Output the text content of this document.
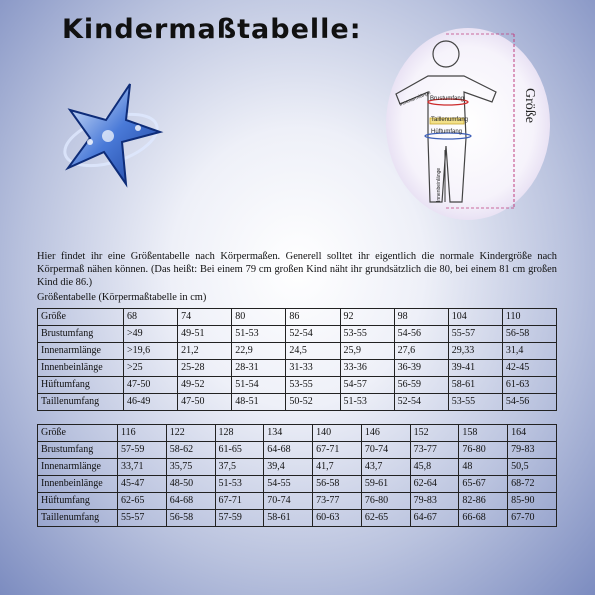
Kindermaßtabelle:
Größe
Brustumfang
Taillenumfang
Hüftumfang
Innenarmlänge
Innenbeinlänge
Hier findet ihr eine Größentabelle nach Körpermaßen. Generell solltet ihr eigentlich die normale Kindergröße nach Körpermaß nähen können. (Das heißt: Bei einem 79 cm großen Kind näht ihr grundsätzlich die 80, bei einem 81 cm großen Kind die 86.)
Größentabelle (Körpermaßtabelle in cm)
Größe	68	74	80	86	92	98	104	110
Brustumfang	>49	49-51	51-53	52-54	53-55	54-56	55-57	56-58
Innenarmlänge	>19,6	21,2	22,9	24,5	25,9	27,6	29,33	31,4
Innenbeinlänge	>25	25-28	28-31	31-33	33-36	36-39	39-41	42-45
Hüftumfang	47-50	49-52	51-54	53-55	54-57	56-59	58-61	61-63
Taillenumfang	46-49	47-50	48-51	50-52	51-53	52-54	53-55	54-56
Größe	116	122	128	134	140	146	152	158	164
Brustumfang	57-59	58-62	61-65	64-68	67-71	70-74	73-77	76-80	79-83
Innenarmlänge	33,71	35,75	37,5	39,4	41,7	43,7	45,8	48	50,5
Innenbeinlänge	45-47	48-50	51-53	54-55	56-58	59-61	62-64	65-67	68-72
Hüftumfang	62-65	64-68	67-71	70-74	73-77	76-80	79-83	82-86	85-90
Taillenumfang	55-57	56-58	57-59	58-61	60-63	62-65	64-67	66-68	67-70
